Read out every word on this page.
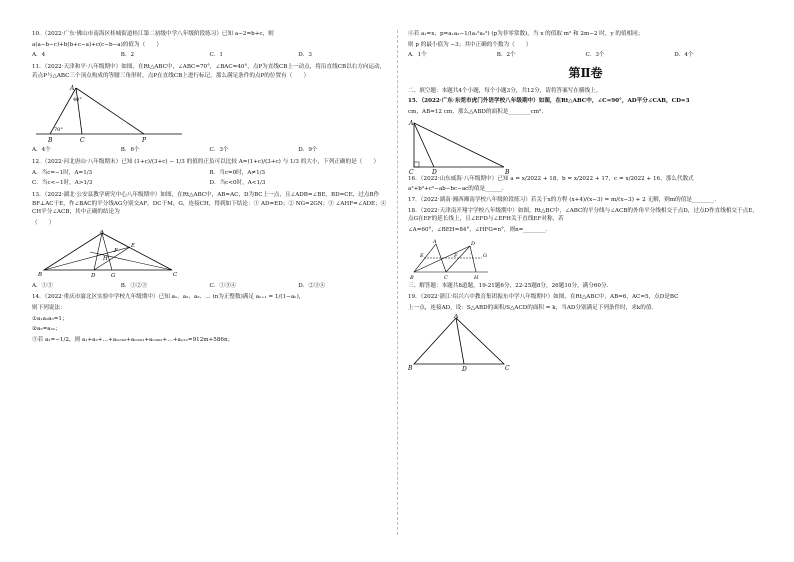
10．（2022·广东·佛山市南海区桂城街道桂江第二初级中学八年级阶段练习）已知 a−2=b+c，则

a(a−b−c)+b(b+c−a)+c(c−b−a)的值为（　　）

A．4	B．2	C．1	D．3

11．（2022·天津和平·八年级期中）如图，在Rt△ABC中，∠ABC=70°，∠BAC=40°，点P为直线CB上一动点，将沿直线CB以右方向运动，若点P与△ABC三个顶点构成的等腰三角形时，点P在直线CB上进行标记，那么满足条件的点P的位置有（　　）

A
40°
70°
B	C	P
A．4个	B．6个	C．3个	D．9个

12．（2022·河北唐山·八年级期末）已知 (1+c)/(3+c) − 1/3 的值的正负可以比较 A=(1+c)/(3+c) 与 1/3 的大小，下列正确的是（　　）

A．当c=−1时，A=1/3	B．当c=0时，A≠1/3
C．当c<−1时，A>1/3	D．当c<0时，A<1/3

13．（2022·湖北·公安县教学研究中心八年级期中）如图，在Rt△ABC中，AB=AC，D为BC上一点，且∠ADB=∠BE，BD=CE，过点B作BF⊥AC于E，作∠BAC的平分线AG分别交AF，DC于M，G，连接CH，得到如下结论：① AD=ED；② NG=2GN；③ ∠AHF=∠ADE；④ CH平分∠ACB，其中正确的结论为

（　　）

A
E
F
H
B	D	G	C
A．①③	B．①②③	C．①③④	D．②③④

14．（2022·重庆市渝北区实验中学校九年级期中）已知 a₁、a₂、a₃、… (n为正整数)满足 aₙ₊₁ = 1/(1−aₙ)，

则下列说法：

①a₁a₂a₃=1；

②a₃=a₃ₙ；

③若 a₁=−1/2，则 a₁+a₂+…+aₘ₆₀₀+aₘ₆₀₁+aₘ₆₀₂+…+aₙ₂ₙ=912m+586n；

④若 a₁=x，p=a₁a₂−1/(a₁²a₂²) (p为非零常数)，当 x 的值取 m² 和 2m−2 时，y 的值相同；

则 p 的最小值为 −3；其中正确的个数为（　　）

A．1个	B．2个	C．3个	D．4个
第Ⅱ卷

二、填空题：本题共4个小题，每个小题3分，共12分，请将答案写在横线上。

15．（2022·广东·东莞市虎门外语学校八年级期中）如图，在Rt△ABC中，∠C=90°，AD平分∠CAB，CD=3

cm，AB=12 cm，那么△ABD的面积是________cm².

A
C	D	B

16．（2022·山东威海·八年级期中）已知 a = x/2022 + 18，b = x/2022 + 17，c = x/2022 + 16，那么代数式

a²+b²+c²−ab−bc−ac的值是______.

17．（2022·湖南·湘西湘南学校八年级阶段练习）若关于x的方程 (x+4)/(x−3) = m/(x−3) + 2 无解，则m的值是________.

18．（2022·天津南开翔宇学校八年级期中）如图，Rt△BC中，∠ABC的平分线与∠ACB的外角平分线相交于点D，过点D作直线相交于点E，点G在EF的延长线上，且∠EFD与∠EFH关于直线EF对称，若

∠A=60°，∠BEH=84°，∠HFG=n°，则n=________.

A
B	C
D
E	F	G
H

三、解答题：本题共8道题，19-21题6分，22-25题8分，26题10分，满分60分.

19．（2022·浙江·绍兴六中教育集团振东中学八年级期中）如图，在Rt△ABC中，AB=6，AC=5，点D是BC

上一点，连接AD，设：S△ABD的面积/S△ACD的面积 = k，当AD分别满足下列条件时，求k的值.

A
B	D	C
